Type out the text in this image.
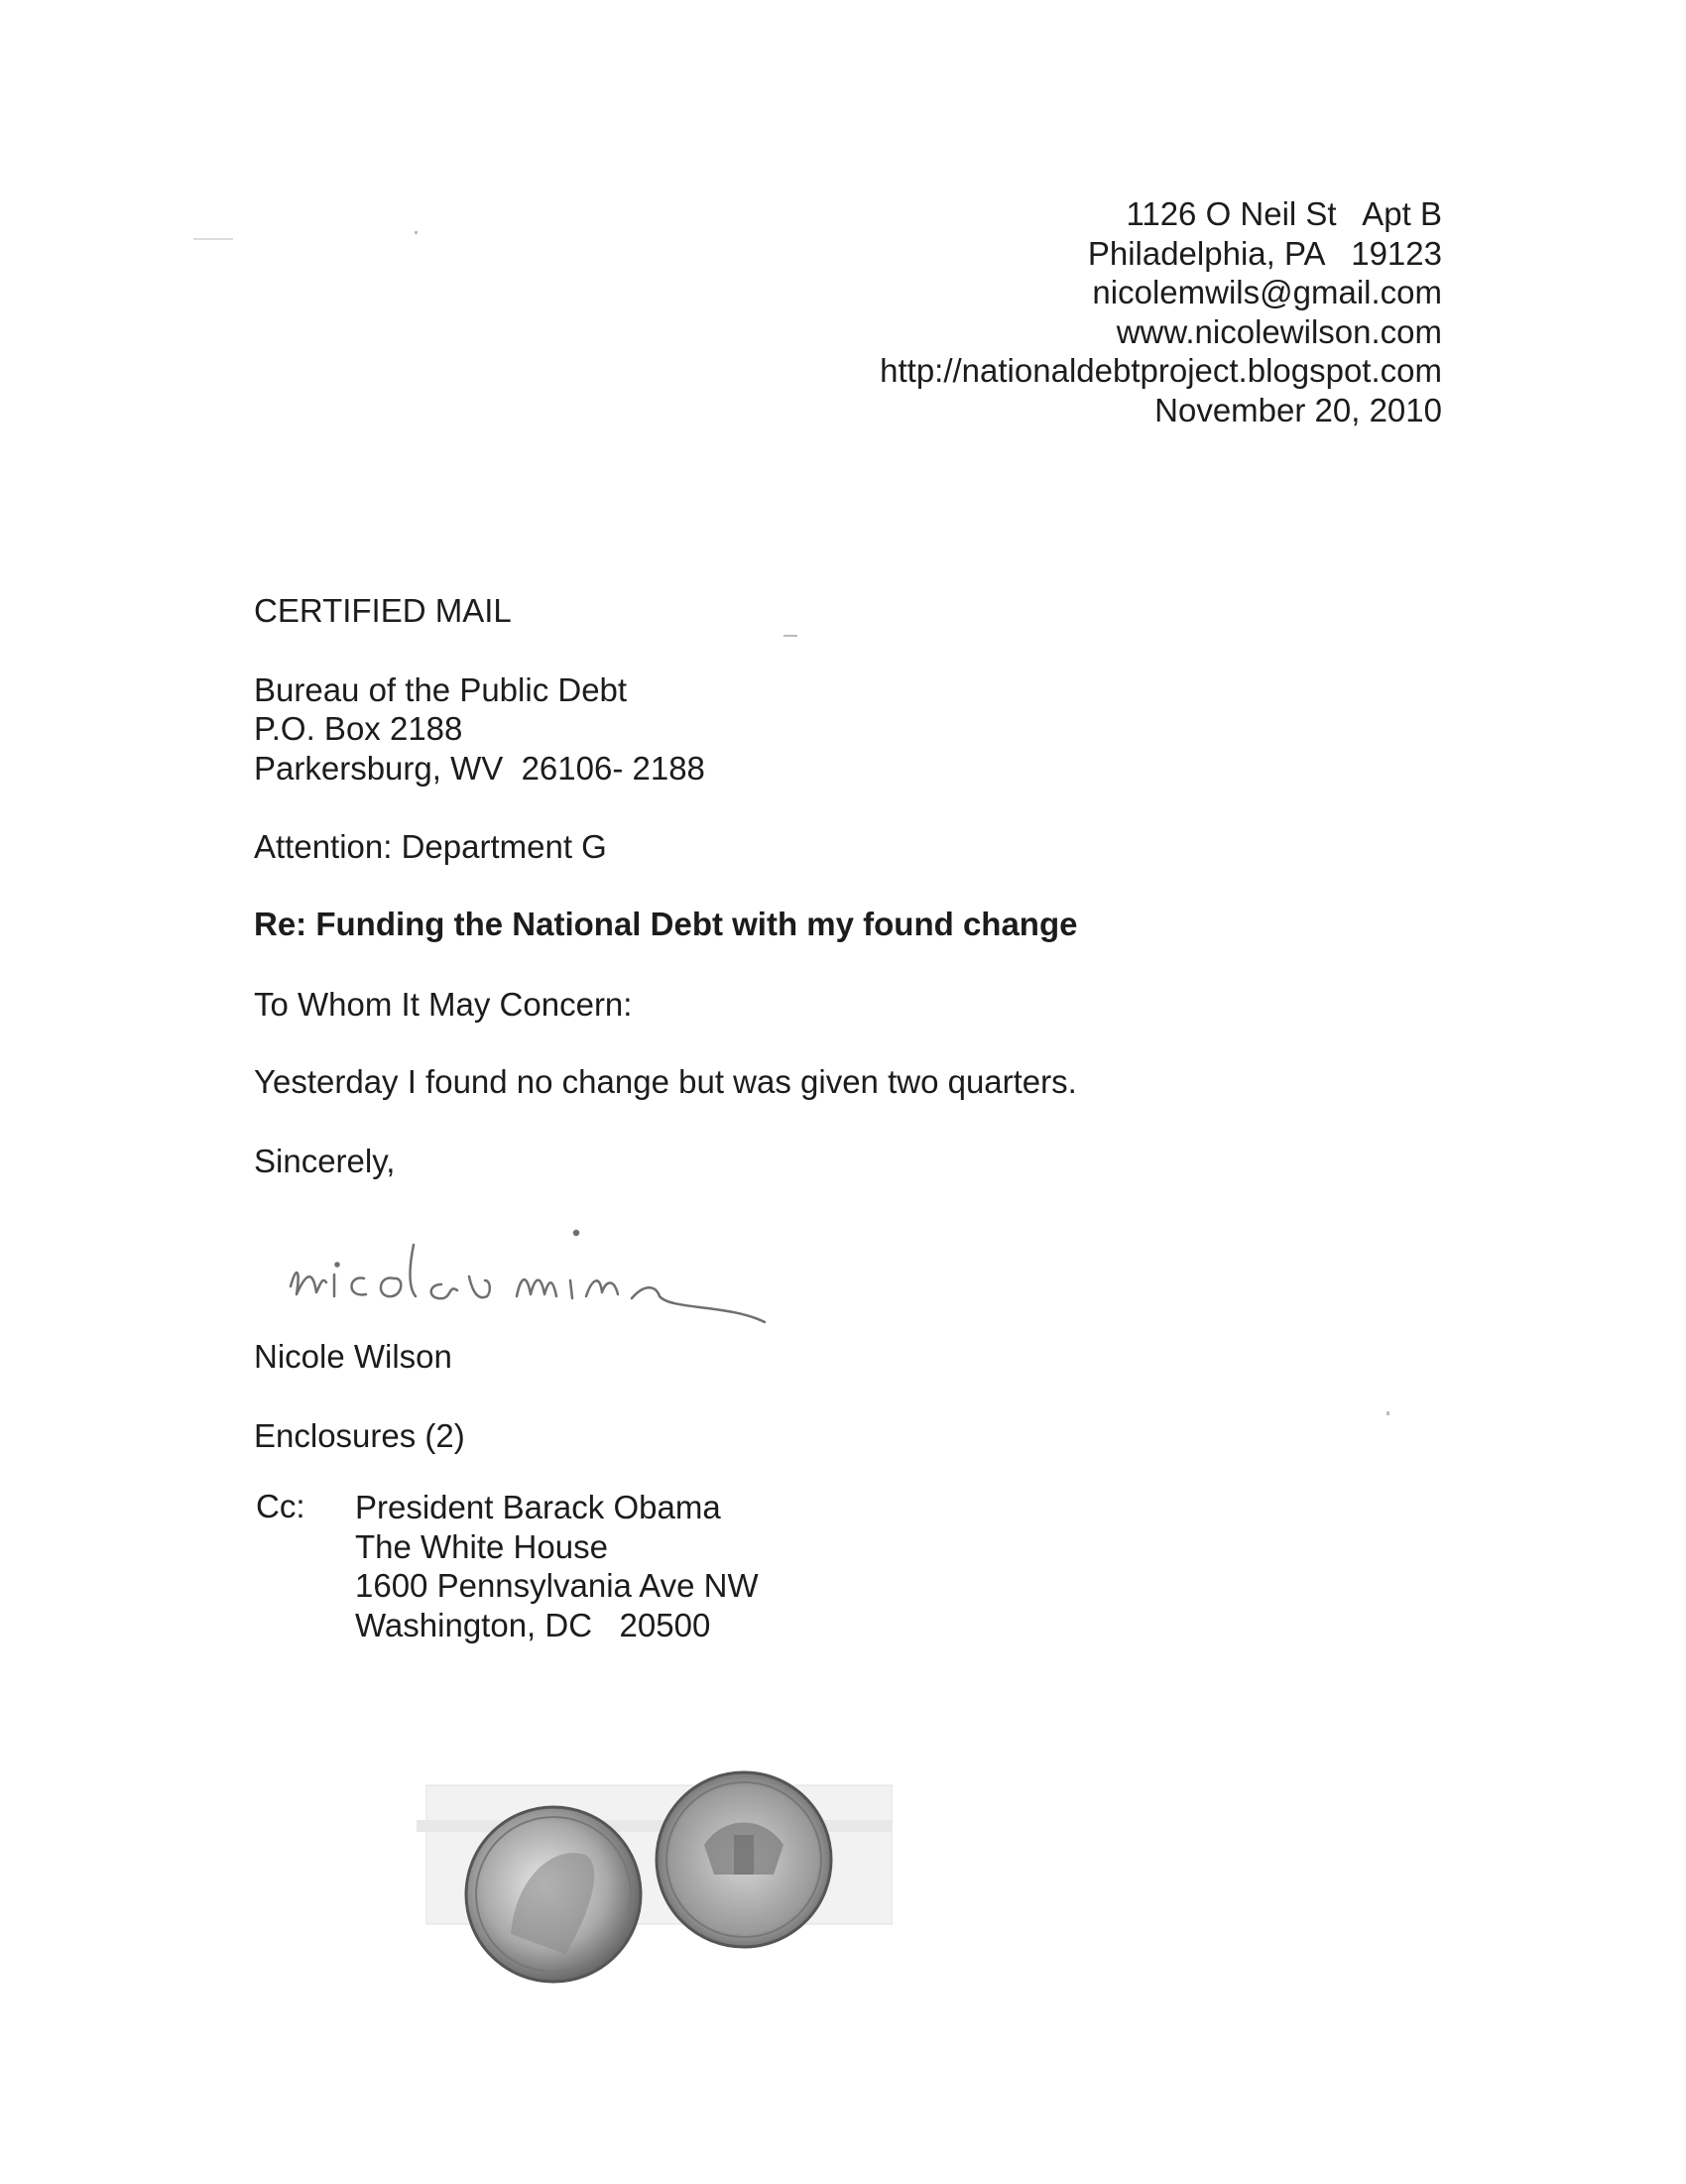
1126 O Neil St   Apt B
Philadelphia, PA   19123
nicolemwils@gmail.com
www.nicolewilson.com
http://nationaldebtproject.blogspot.com
November 20, 2010
CERTIFIED MAIL
Bureau of the Public Debt
P.O. Box 2188
Parkersburg, WV  26106- 2188
Attention: Department G
Re: Funding the National Debt with my found change
To Whom It May Concern:
Yesterday I found no change but was given two quarters.
Sincerely,
Nicole Wilson
Enclosures (2)
Cc: President Barack Obama
The White House
1600 Pennsylvania Ave NW
Washington, DC   20500
